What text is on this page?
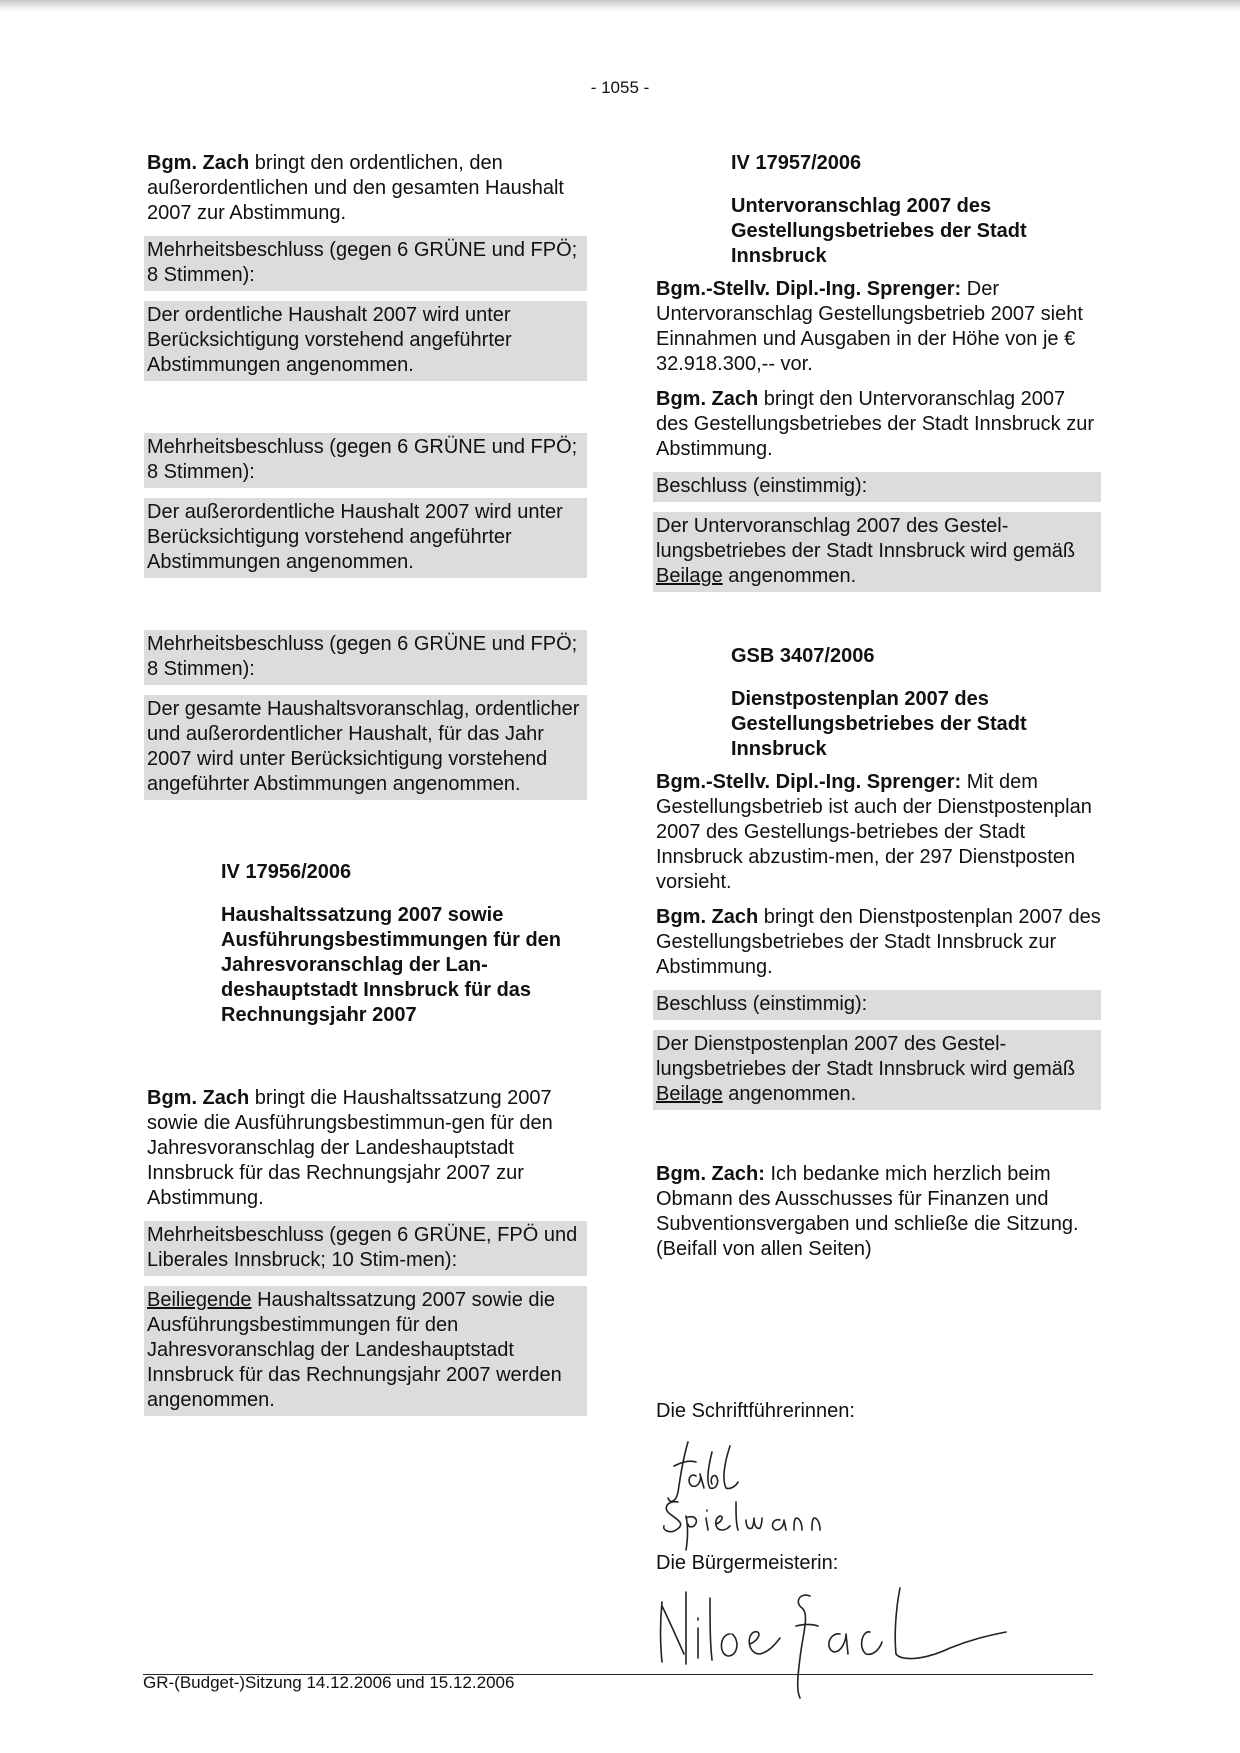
- 1055 -

Bgm. Zach bringt den ordentlichen, den außerordentlichen und den gesamten Haushalt 2007 zur Abstimmung.

Mehrheitsbeschluss (gegen 6 GRÜNE und FPÖ; 8 Stimmen):

Der ordentliche Haushalt 2007 wird unter Berücksichtigung vorstehend angeführter Abstimmungen angenommen.

Mehrheitsbeschluss (gegen 6 GRÜNE und FPÖ; 8 Stimmen):

Der außerordentliche Haushalt 2007 wird unter Berücksichtigung vorstehend angeführter Abstimmungen angenommen.

Mehrheitsbeschluss (gegen 6 GRÜNE und FPÖ; 8 Stimmen):

Der gesamte Haushaltsvoranschlag, ordentlicher und außerordentlicher Haushalt, für das Jahr 2007 wird unter Berücksichtigung vorstehend angeführter Abstimmungen angenommen.

IV 17956/2006

Haushaltssatzung 2007 sowie Ausführungsbestimmungen für den Jahresvoranschlag der Lan-deshauptstadt Innsbruck für das Rechnungsjahr 2007

Bgm. Zach bringt die Haushaltssatzung 2007 sowie die Ausführungsbestimmun-gen für den Jahresvoranschlag der Landeshauptstadt Innsbruck für das Rechnungsjahr 2007 zur Abstimmung.

Mehrheitsbeschluss (gegen 6 GRÜNE, FPÖ und Liberales Innsbruck; 10 Stim-men):

Beiliegende Haushaltssatzung 2007 sowie die Ausführungsbestimmungen für den Jahresvoranschlag der Landeshauptstadt Innsbruck für das Rechnungsjahr 2007 werden angenommen.

IV 17957/2006

Untervoranschlag 2007 des Gestellungsbetriebes der Stadt Innsbruck

Bgm.-Stellv. Dipl.-Ing. Sprenger: Der Untervoranschlag Gestellungsbetrieb 2007 sieht Einnahmen und Ausgaben in der Höhe von je € 32.918.300,-- vor.

Bgm. Zach bringt den Untervoranschlag 2007 des Gestellungsbetriebes der Stadt Innsbruck zur Abstimmung.

Beschluss (einstimmig):

Der Untervoranschlag 2007 des Gestel-lungsbetriebes der Stadt Innsbruck wird gemäß Beilage angenommen.

GSB 3407/2006

Dienstpostenplan 2007 des Gestellungsbetriebes der Stadt Innsbruck

Bgm.-Stellv. Dipl.-Ing. Sprenger: Mit dem Gestellungsbetrieb ist auch der Dienstpostenplan 2007 des Gestellungs-betriebes der Stadt Innsbruck abzustim-men, der 297 Dienstposten vorsieht.

Bgm. Zach bringt den Dienstpostenplan 2007 des Gestellungsbetriebes der Stadt Innsbruck zur Abstimmung.

Beschluss (einstimmig):

Der Dienstpostenplan 2007 des Gestel-lungsbetriebes der Stadt Innsbruck wird gemäß Beilage angenommen.

Bgm. Zach: Ich bedanke mich herzlich beim Obmann des Ausschusses für Finanzen und Subventionsvergaben und schließe die Sitzung. (Beifall von allen Seiten)

Die Schriftführerinnen:
Die Bürgermeisterin:
GR-(Budget-)Sitzung 14.12.2006 und 15.12.2006
